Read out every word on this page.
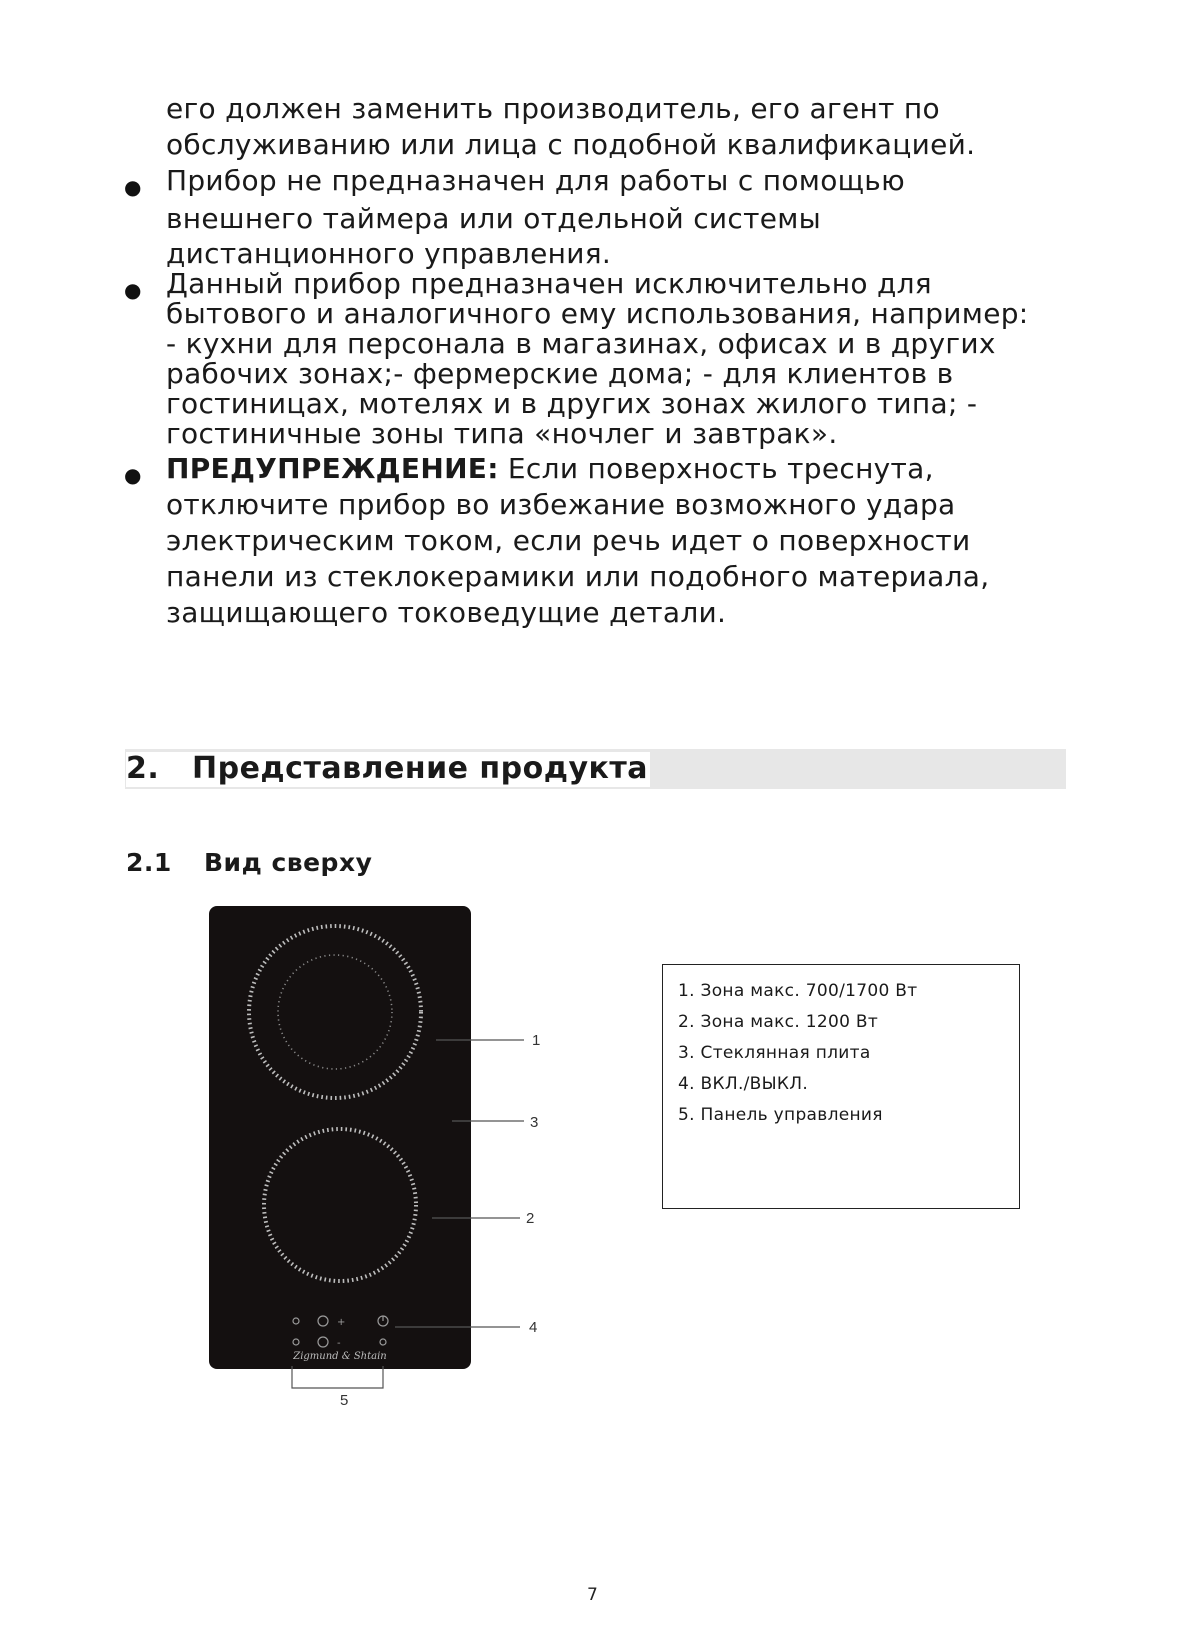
его должен заменить производитель, его агент по
обслуживанию или лица с подобной квалификацией.
● Прибор не предназначен для работы с помощью
внешнего таймера или отдельной системы
дистанционного управления.
● Данный прибор предназначен исключительно для
бытового и аналогичного ему использования, например:
- кухни для персонала в магазинах, офисах и в других
рабочих зонах;- фермерские дома; - для клиентов в
гостиницах, мотелях и в других зонах жилого типа; -
гостиничные зоны типа «ночлег и завтрак».
● ПРЕДУПРЕЖДЕНИЕ: Если поверхность треснута,
отключите прибор во избежание возможного удара
электрическим током, если речь идет о поверхности
панели из стеклокерамики или подобного материала,
защищающего токоведущие детали.
2. Представление продукта
2.1 Вид сверху
+
-
Zigmund & Shtain
1
3
2
4
5
1. Зона макс. 700/1700 Вт
2. Зона макс. 1200 Вт
3. Стеклянная плита
4. ВКЛ./ВЫКЛ.
5. Панель управления
7
